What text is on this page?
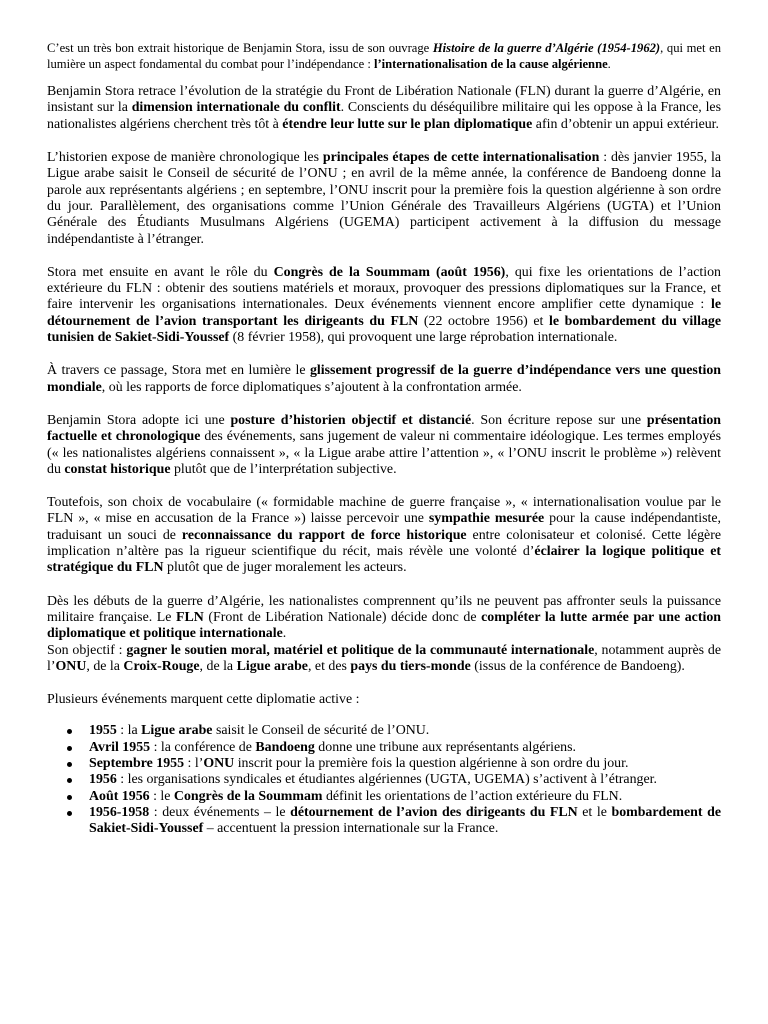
C’est un très bon extrait historique de Benjamin Stora, issu de son ouvrage Histoire de la guerre d’Algérie (1954-1962), qui met en lumière un aspect fondamental du combat pour l’indépendance : l’internationalisation de la cause algérienne.

Benjamin Stora retrace l’évolution de la stratégie du Front de Libération Nationale (FLN) durant la guerre d’Algérie, en insistant sur la dimension internationale du conflit. Conscients du déséquilibre militaire qui les oppose à la France, les nationalistes algériens cherchent très tôt à étendre leur lutte sur le plan diplomatique afin d’obtenir un appui extérieur.

L’historien expose de manière chronologique les principales étapes de cette internationalisation : dès janvier 1955, la Ligue arabe saisit le Conseil de sécurité de l’ONU ; en avril de la même année, la conférence de Bandoeng donne la parole aux représentants algériens ; en septembre, l’ONU inscrit pour la première fois la question algérienne à son ordre du jour. Parallèlement, des organisations comme l’Union Générale des Travailleurs Algériens (UGTA) et l’Union Générale des Étudiants Musulmans Algériens (UGEMA) participent activement à la diffusion du message indépendantiste à l’étranger.

Stora met ensuite en avant le rôle du Congrès de la Soummam (août 1956), qui fixe les orientations de l’action extérieure du FLN : obtenir des soutiens matériels et moraux, provoquer des pressions diplomatiques sur la France, et faire intervenir les organisations internationales. Deux événements viennent encore amplifier cette dynamique : le détournement de l’avion transportant les dirigeants du FLN (22 octobre 1956) et le bombardement du village tunisien de Sakiet-Sidi-Youssef (8 février 1958), qui provoquent une large réprobation internationale.

À travers ce passage, Stora met en lumière le glissement progressif de la guerre d’indépendance vers une question mondiale, où les rapports de force diplomatiques s’ajoutent à la confrontation armée.

Benjamin Stora adopte ici une posture d’historien objectif et distancié. Son écriture repose sur une présentation factuelle et chronologique des événements, sans jugement de valeur ni commentaire idéologique. Les termes employés (« les nationalistes algériens connaissent », « la Ligue arabe attire l’attention », « l’ONU inscrit le problème ») relèvent du constat historique plutôt que de l’interprétation subjective.

Toutefois, son choix de vocabulaire (« formidable machine de guerre française », « internationalisation voulue par le FLN », « mise en accusation de la France ») laisse percevoir une sympathie mesurée pour la cause indépendantiste, traduisant un souci de reconnaissance du rapport de force historique entre colonisateur et colonisé. Cette légère implication n’altère pas la rigueur scientifique du récit, mais révèle une volonté d’éclairer la logique politique et stratégique du FLN plutôt que de juger moralement les acteurs.

Dès les débuts de la guerre d’Algérie, les nationalistes comprennent qu’ils ne peuvent pas affronter seuls la puissance militaire française. Le FLN (Front de Libération Nationale) décide donc de compléter la lutte armée par une action diplomatique et politique internationale.
Son objectif : gagner le soutien moral, matériel et politique de la communauté internationale, notamment auprès de l’ONU, de la Croix-Rouge, de la Ligue arabe, et des pays du tiers-monde (issus de la conférence de Bandoeng).

Plusieurs événements marquent cette diplomatie active :

1955 : la Ligue arabe saisit le Conseil de sécurité de l’ONU.
Avril 1955 : la conférence de Bandoeng donne une tribune aux représentants algériens.
Septembre 1955 : l’ONU inscrit pour la première fois la question algérienne à son ordre du jour.
1956 : les organisations syndicales et étudiantes algériennes (UGTA, UGEMA) s’activent à l’étranger.
Août 1956 : le Congrès de la Soummam définit les orientations de l’action extérieure du FLN.
1956-1958 : deux événements – le détournement de l’avion des dirigeants du FLN et le bombardement de Sakiet-Sidi-Youssef – accentuent la pression internationale sur la France.
